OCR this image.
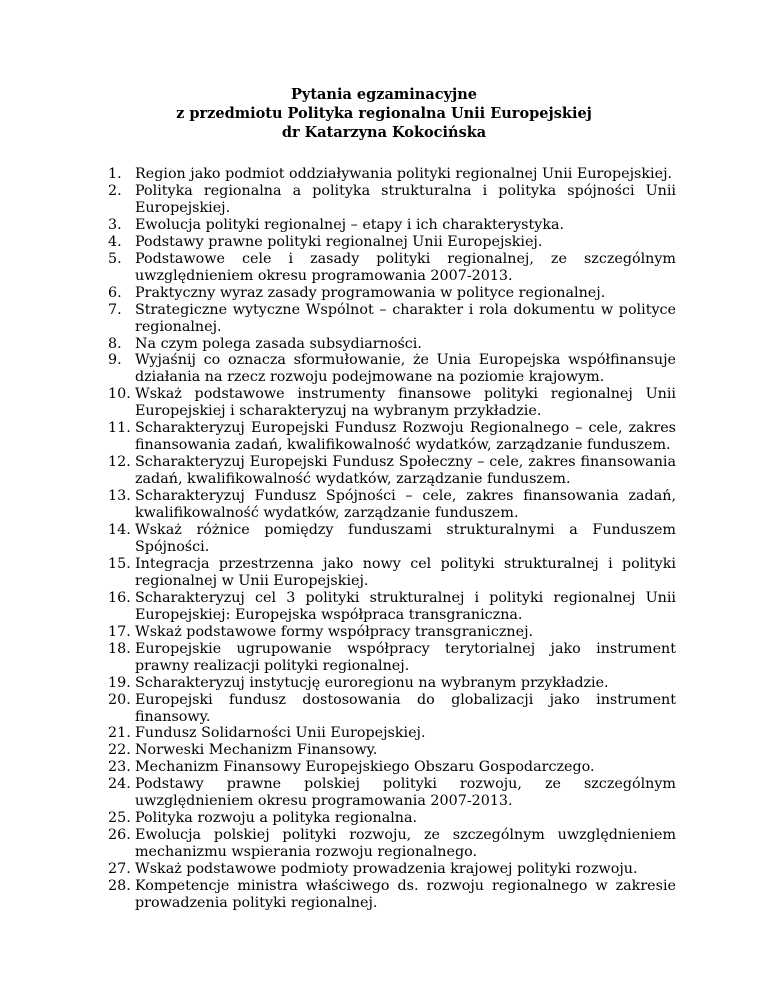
Pytania egzaminacyjne
z przedmiotu Polityka regionalna Unii Europejskiej
dr Katarzyna Kokocińska
1. Region jako podmiot oddziaływania polityki regionalnej Unii Europejskiej.
2. Polityka regionalna a polityka strukturalna i polityka spójności Unii Europejskiej.
3. Ewolucja polityki regionalnej – etapy i ich charakterystyka.
4. Podstawy prawne polityki regionalnej Unii Europejskiej.
5. Podstawowe cele i zasady polityki regionalnej, ze szczególnym uwzględnieniem okresu programowania 2007-2013.
6. Praktyczny wyraz zasady programowania w polityce regionalnej.
7. Strategiczne wytyczne Wspólnot – charakter i rola dokumentu w polityce regionalnej.
8. Na czym polega zasada subsydiarności.
9. Wyjaśnij co oznacza sformułowanie, że Unia Europejska współfinansuje działania na rzecz rozwoju podejmowane na poziomie krajowym.
10. Wskaż podstawowe instrumenty finansowe polityki regionalnej Unii Europejskiej i scharakteryzuj na wybranym przykładzie.
11. Scharakteryzuj Europejski Fundusz Rozwoju Regionalnego – cele, zakres finansowania zadań, kwalifikowalność wydatków, zarządzanie funduszem.
12. Scharakteryzuj Europejski Fundusz Społeczny – cele, zakres finansowania zadań, kwalifikowalność wydatków, zarządzanie funduszem.
13. Scharakteryzuj Fundusz Spójności – cele, zakres finansowania zadań, kwalifikowalność wydatków, zarządzanie funduszem.
14. Wskaż różnice pomiędzy funduszami strukturalnymi a Funduszem Spójności.
15. Integracja przestrzenna jako nowy cel polityki strukturalnej i polityki regionalnej w Unii Europejskiej.
16. Scharakteryzuj cel 3 polityki strukturalnej i polityki regionalnej Unii Europejskiej: Europejska współpraca transgraniczna.
17. Wskaż podstawowe formy współpracy transgranicznej.
18. Europejskie ugrupowanie współpracy terytorialnej jako instrument prawny realizacji polityki regionalnej.
19. Scharakteryzuj instytucję euroregionu na wybranym przykładzie.
20. Europejski fundusz dostosowania do globalizacji jako instrument finansowy.
21. Fundusz Solidarności Unii Europejskiej.
22. Norweski Mechanizm Finansowy.
23. Mechanizm Finansowy Europejskiego Obszaru Gospodarczego.
24. Podstawy prawne polskiej polityki rozwoju, ze szczególnym uwzględnieniem okresu programowania 2007-2013.
25. Polityka rozwoju a polityka regionalna.
26. Ewolucja polskiej polityki rozwoju, ze szczególnym uwzględnieniem mechanizmu wspierania rozwoju regionalnego.
27. Wskaż podstawowe podmioty prowadzenia krajowej polityki rozwoju.
28. Kompetencje ministra właściwego ds. rozwoju regionalnego w zakresie prowadzenia polityki regionalnej.
